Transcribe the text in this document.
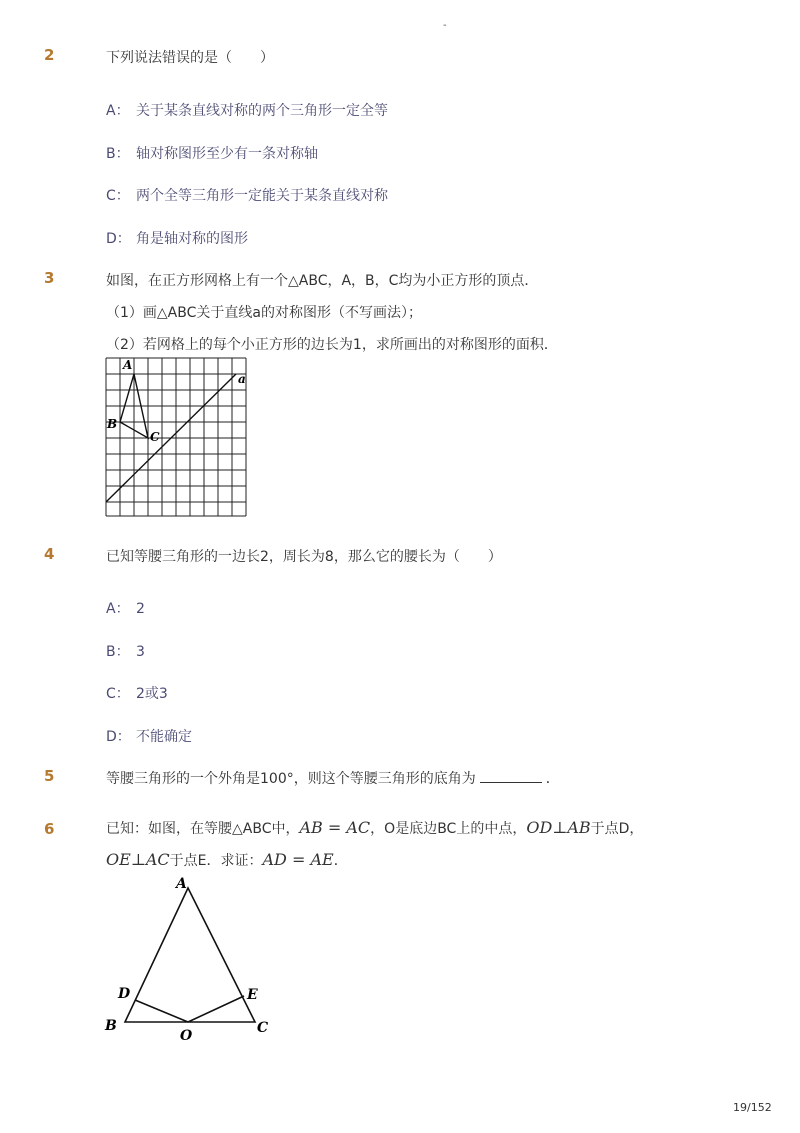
-
2	下列说法错误的是（　　）
A： 关于某条直线对称的两个三角形一定全等
B： 轴对称图形至少有一条对称轴
C： 两个全等三角形一定能关于某条直线对称
D： 角是轴对称的图形
3	如图，在正方形网格上有一个△ABC，A，B，C均为小正方形的顶点．
（1）画△ABC关于直线a的对称图形（不写画法）；
（2）若网格上的每个小正方形的边长为1，求所画出的对称图形的面积．
A
B
C
a
4	已知等腰三角形的一边长2，周长为8，那么它的腰长为（　　）
A： 2
B： 3
C： 2或3
D： 不能确定
5	等腰三角形的一个外角是100°，则这个等腰三角形的底角为	．
6	已知：如图，在等腰△ABC中，AB = AC，O是底边BC上的中点，OD⊥AB于点D，
OE⊥AC于点E．求证：AD = AE．
A
B	C
D	E
O
19/152
